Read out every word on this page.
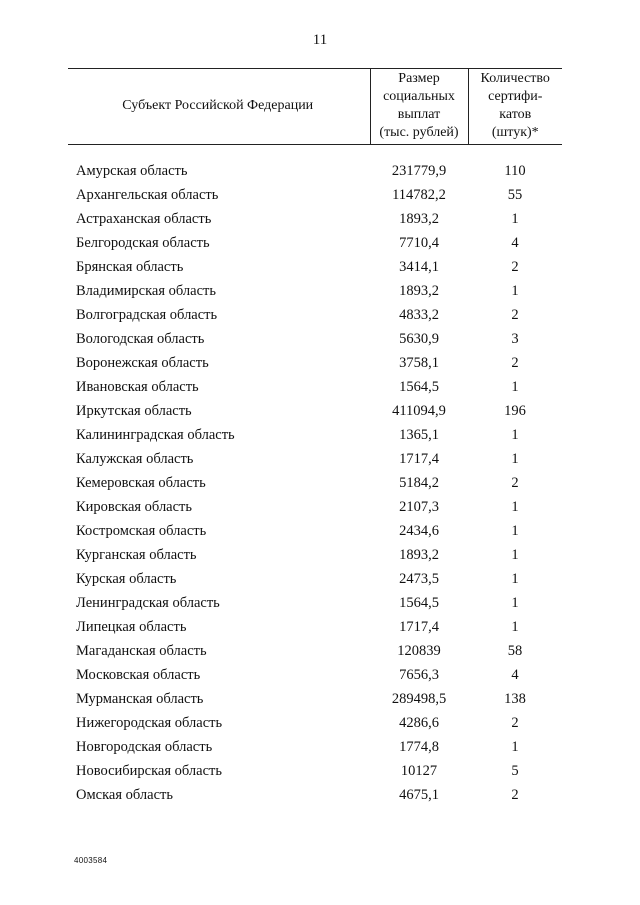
11
Субъект Российской Федерации	Размер
социальных
выплат
(тыс. рублей)	Количество
сертифи-
катов
(штук)*

Амурская область	231779,9	110
Архангельская область	114782,2	55
Астраханская область	1893,2	1
Белгородская область	7710,4	4
Брянская область	3414,1	2
Владимирская область	1893,2	1
Волгоградская область	4833,2	2
Вологодская область	5630,9	3
Воронежская область	3758,1	2
Ивановская область	1564,5	1
Иркутская область	411094,9	196
Калининградская область	1365,1	1
Калужская область	1717,4	1
Кемеровская область	5184,2	2
Кировская область	2107,3	1
Костромская область	2434,6	1
Курганская область	1893,2	1
Курская область	2473,5	1
Ленинградская область	1564,5	1
Липецкая область	1717,4	1
Магаданская область	120839	58
Московская область	7656,3	4
Мурманская область	289498,5	138
Нижегородская область	4286,6	2
Новгородская область	1774,8	1
Новосибирская область	10127	5
Омская область	4675,1	2
4003584
